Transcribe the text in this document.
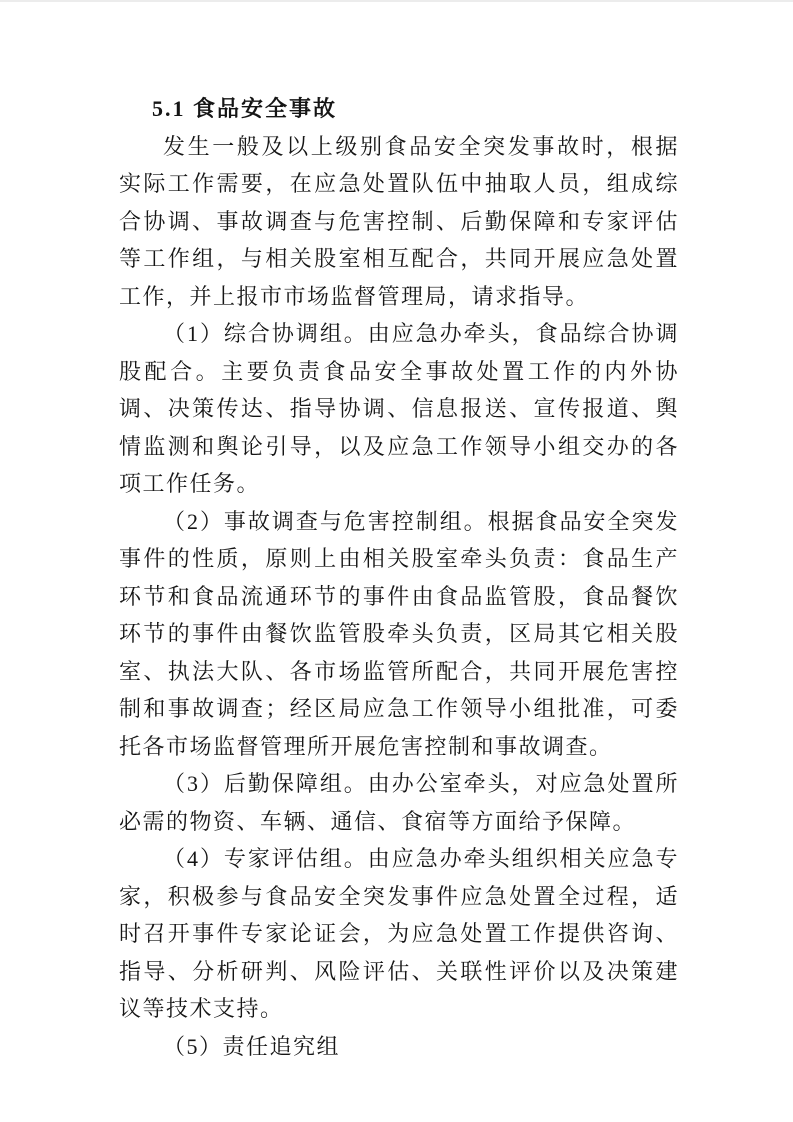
5.1 食品安全事故

发生一般及以上级别食品安全突发事故时，根据实际工作需要，在应急处置队伍中抽取人员，组成综合协调、事故调查与危害控制、后勤保障和专家评估等工作组，与相关股室相互配合，共同开展应急处置工作，并上报市市场监督管理局，请求指导。

（1）综合协调组。由应急办牵头，食品综合协调股配合。主要负责食品安全事故处置工作的内外协调、决策传达、指导协调、信息报送、宣传报道、舆情监测和舆论引导，以及应急工作领导小组交办的各项工作任务。

（2）事故调查与危害控制组。根据食品安全突发事件的性质，原则上由相关股室牵头负责：食品生产环节和食品流通环节的事件由食品监管股，食品餐饮环节的事件由餐饮监管股牵头负责，区局其它相关股室、执法大队、各市场监管所配合，共同开展危害控制和事故调查；经区局应急工作领导小组批准，可委托各市场监督管理所开展危害控制和事故调查。

（3）后勤保障组。由办公室牵头，对应急处置所必需的物资、车辆、通信、食宿等方面给予保障。

（4）专家评估组。由应急办牵头组织相关应急专家，积极参与食品安全突发事件应急处置全过程，适时召开事件专家论证会，为应急处置工作提供咨询、指导、分析研判、风险评估、关联性评价以及决策建议等技术支持。

（5）责任追究组
